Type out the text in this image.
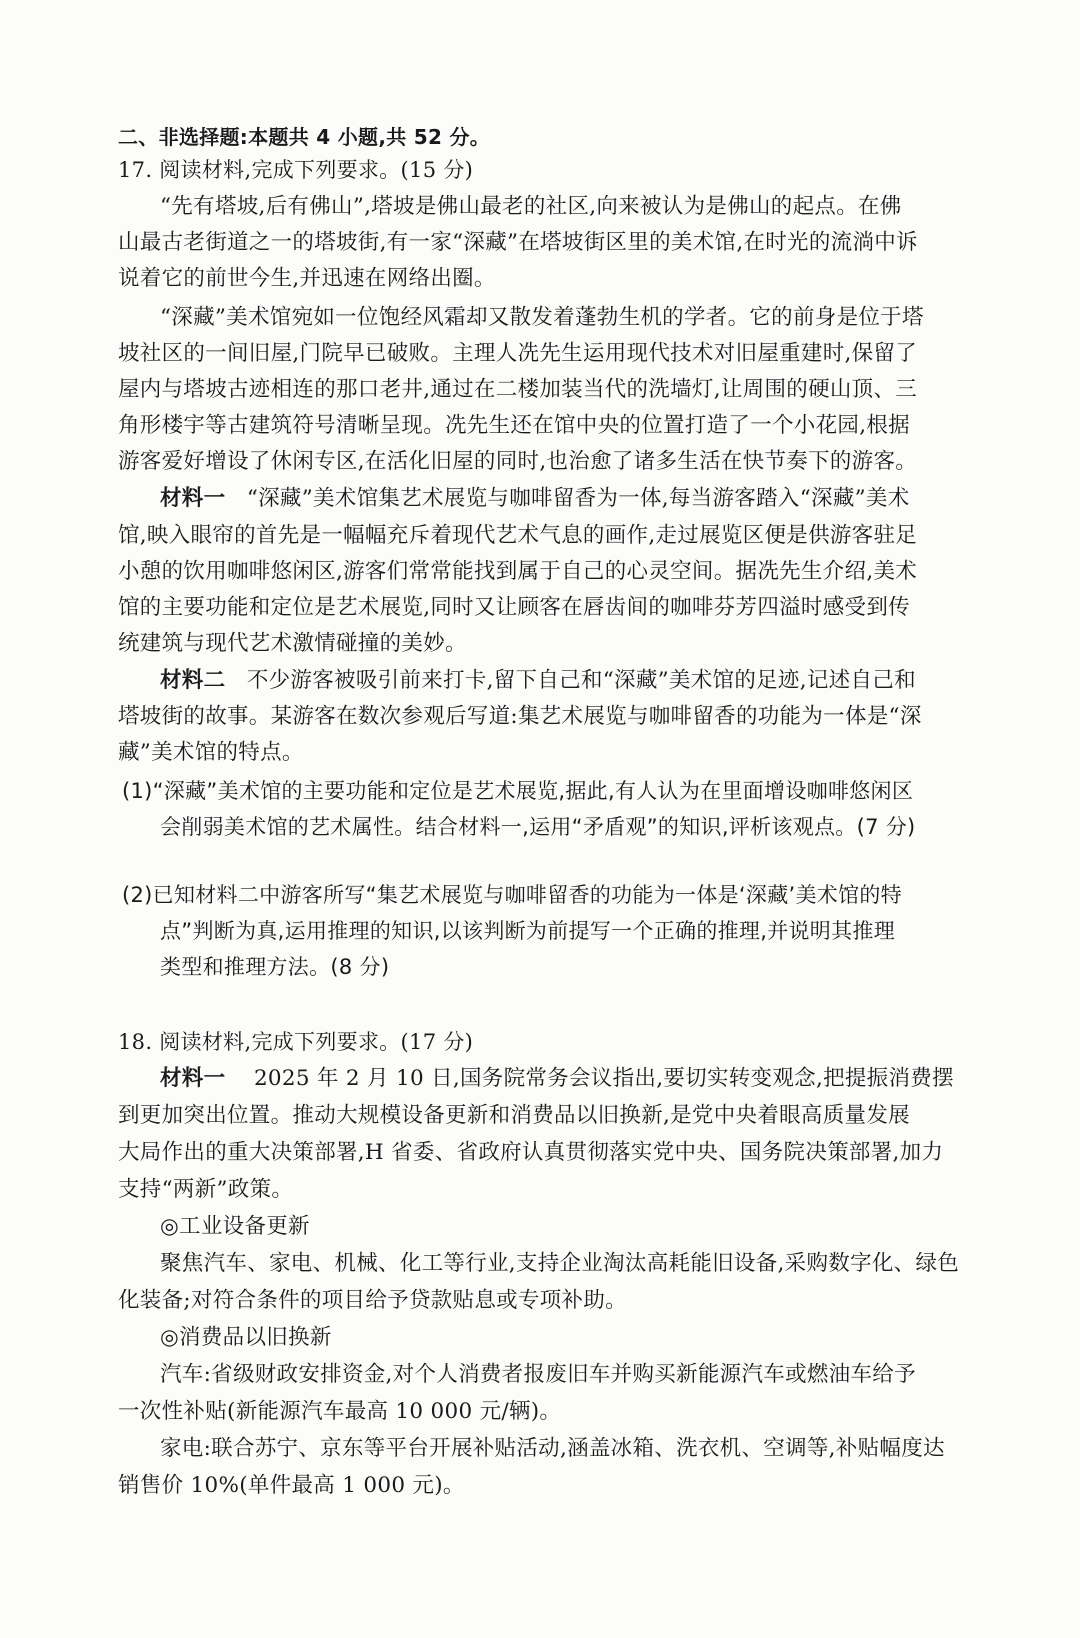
二、非选择题:本题共 4 小题,共 52 分。
17. 阅读材料,完成下列要求。(15 分)
“先有塔坡,后有佛山”,塔坡是佛山最老的社区,向来被认为是佛山的起点。在佛
山最古老街道之一的塔坡街,有一家“深藏”在塔坡街区里的美术馆,在时光的流淌中诉
说着它的前世今生,并迅速在网络出圈。
“深藏”美术馆宛如一位饱经风霜却又散发着蓬勃生机的学者。它的前身是位于塔
坡社区的一间旧屋,门院早已破败。主理人冼先生运用现代技术对旧屋重建时,保留了
屋内与塔坡古迹相连的那口老井,通过在二楼加装当代的洗墙灯,让周围的硬山顶、三
角形楼宇等古建筑符号清晰呈现。冼先生还在馆中央的位置打造了一个小花园,根据
游客爱好增设了休闲专区,在活化旧屋的同时,也治愈了诸多生活在快节奏下的游客。
材料一 “深藏”美术馆集艺术展览与咖啡留香为一体,每当游客踏入“深藏”美术
馆,映入眼帘的首先是一幅幅充斥着现代艺术气息的画作,走过展览区便是供游客驻足
小憩的饮用咖啡悠闲区,游客们常常能找到属于自己的心灵空间。据冼先生介绍,美术
馆的主要功能和定位是艺术展览,同时又让顾客在唇齿间的咖啡芬芳四溢时感受到传
统建筑与现代艺术激情碰撞的美妙。
材料二 不少游客被吸引前来打卡,留下自己和“深藏”美术馆的足迹,记述自己和
塔坡街的故事。某游客在数次参观后写道:集艺术展览与咖啡留香的功能为一体是“深
藏”美术馆的特点。
(1)“深藏”美术馆的主要功能和定位是艺术展览,据此,有人认为在里面增设咖啡悠闲区
会削弱美术馆的艺术属性。结合材料一,运用“矛盾观”的知识,评析该观点。(7 分)
(2)已知材料二中游客所写“集艺术展览与咖啡留香的功能为一体是‘深藏’美术馆的特
点”判断为真,运用推理的知识,以该判断为前提写一个正确的推理,并说明其推理
类型和推理方法。(8 分)
18. 阅读材料,完成下列要求。(17 分)
材料一 2025 年 2 月 10 日,国务院常务会议指出,要切实转变观念,把提振消费摆
到更加突出位置。推动大规模设备更新和消费品以旧换新,是党中央着眼高质量发展
大局作出的重大决策部署,H 省委、省政府认真贯彻落实党中央、国务院决策部署,加力
支持“两新”政策。
◎工业设备更新
聚焦汽车、家电、机械、化工等行业,支持企业淘汰高耗能旧设备,采购数字化、绿色
化装备;对符合条件的项目给予贷款贴息或专项补助。
◎消费品以旧换新
汽车:省级财政安排资金,对个人消费者报废旧车并购买新能源汽车或燃油车给予
一次性补贴(新能源汽车最高 10 000 元/辆)。
家电:联合苏宁、京东等平台开展补贴活动,涵盖冰箱、洗衣机、空调等,补贴幅度达
销售价 10%(单件最高 1 000 元)。
